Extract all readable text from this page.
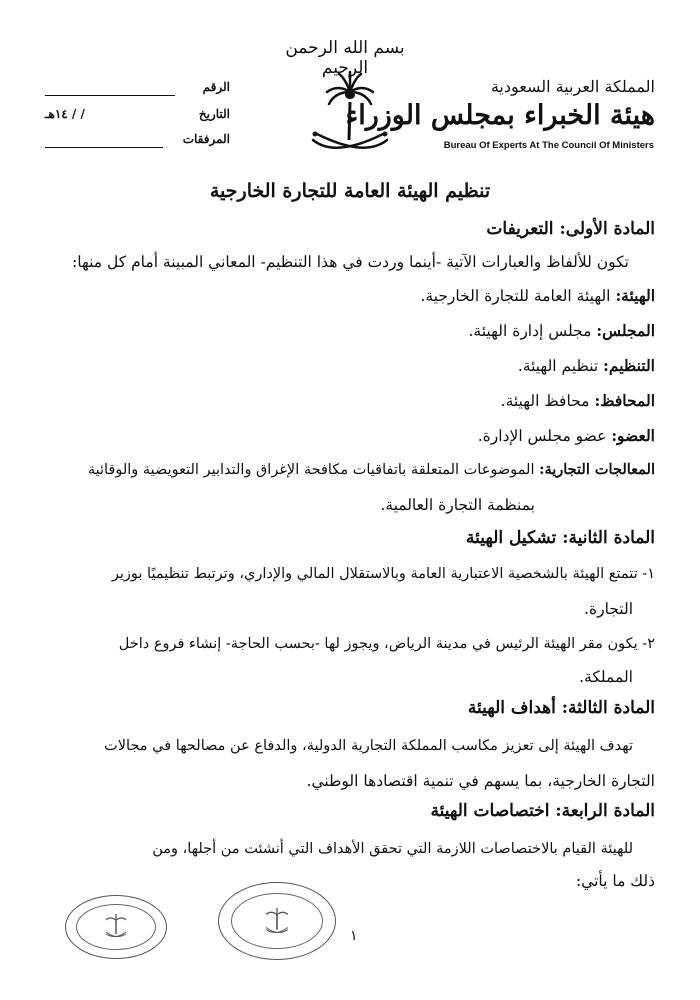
بسم الله الرحمن الرحيم
المملكة العربية السعودية
هيئة الخبراء بمجلس الوزراء
Bureau Of Experts At The Council Of Ministers
الرقم
التاريخ
/ / ١٤هـ
المرفقات
تنظيم الهيئة العامة للتجارة الخارجية
المادة الأولى: التعريفات
تكون للألفاظ والعبارات الآتية -أينما وردت في هذا التنظيم- المعاني المبينة أمام كل منها:
الهيئة: الهيئة العامة للتجارة الخارجية.
المجلس: مجلس إدارة الهيئة.
التنظيم: تنظيم الهيئة.
المحافظ: محافظ الهيئة.
العضو: عضو مجلس الإدارة.
المعالجات التجارية: الموضوعات المتعلقة باتفاقيات مكافحة الإغراق والتدابير التعويضية والوقائية
بمنظمة التجارة العالمية.
المادة الثانية: تشكيل الهيئة
١- تتمتع الهيئة بالشخصية الاعتبارية العامة وبالاستقلال المالي والإداري، وترتبط تنظيميًا بوزير
التجارة.
٢- يكون مقر الهيئة الرئيس في مدينة الرياض، ويجوز لها -بحسب الحاجة- إنشاء فروع داخل
المملكة.
المادة الثالثة: أهداف الهيئة
تهدف الهيئة إلى تعزيز مكاسب المملكة التجارية الدولية، والدفاع عن مصالحها في مجالات
التجارة الخارجية، بما يسهم في تنمية اقتصادها الوطني.
المادة الرابعة: اختصاصات الهيئة
للهيئة القيام بالاختصاصات اللازمة التي تحقق الأهداف التي أنشئت من أجلها، ومن
ذلك ما يأتي:
١
